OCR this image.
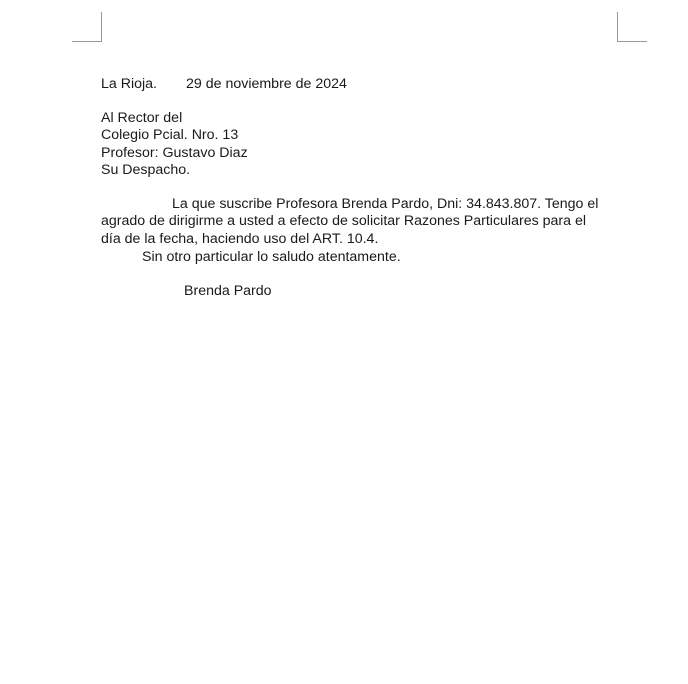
La Rioja. 29 de noviembre de 2024
Al Rector del
Colegio Pcial. Nro. 13
Profesor: Gustavo Diaz
Su Despacho.
La que suscribe Profesora Brenda Pardo, Dni: 34.843.807. Tengo el
agrado de dirigirme a usted a efecto de solicitar Razones Particulares para el
día de la fecha, haciendo uso del ART. 10.4.
Sin otro particular lo saludo atentamente.
Brenda Pardo
